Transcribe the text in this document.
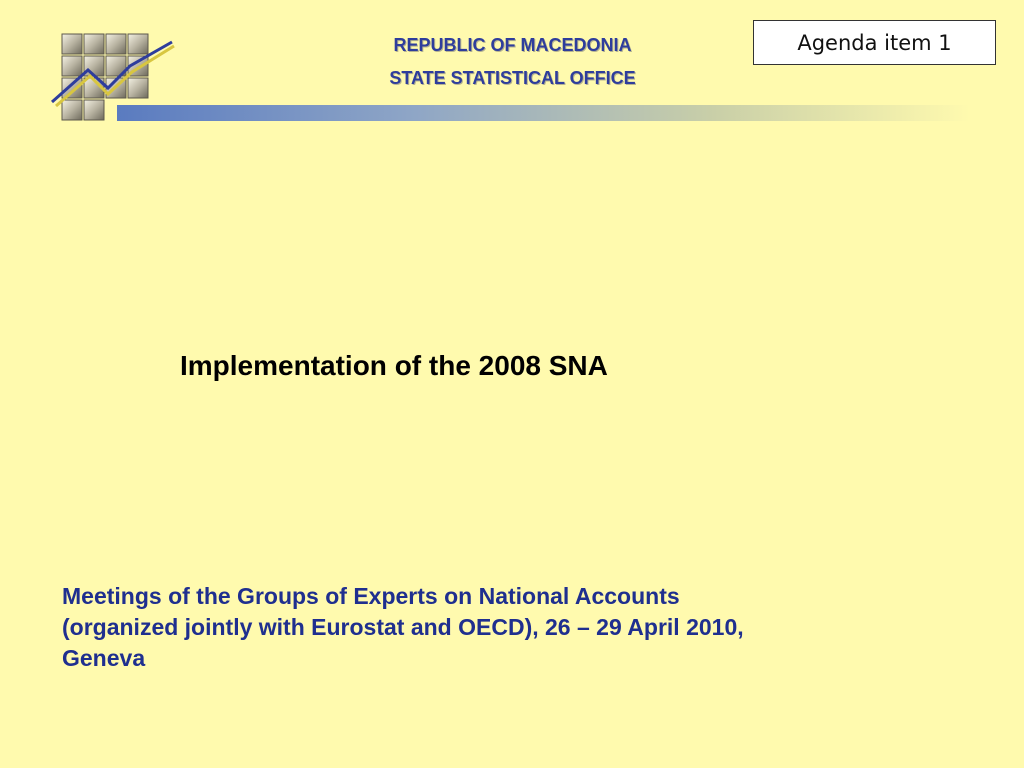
REPUBLIC OF MACEDONIA
STATE STATISTICAL OFFICE
Agenda item 1
Implementation of the 2008 SNA
Meetings of the Groups of Experts on National Accounts
(organized jointly with Eurostat and OECD), 26 – 29 April 2010,
Geneva
